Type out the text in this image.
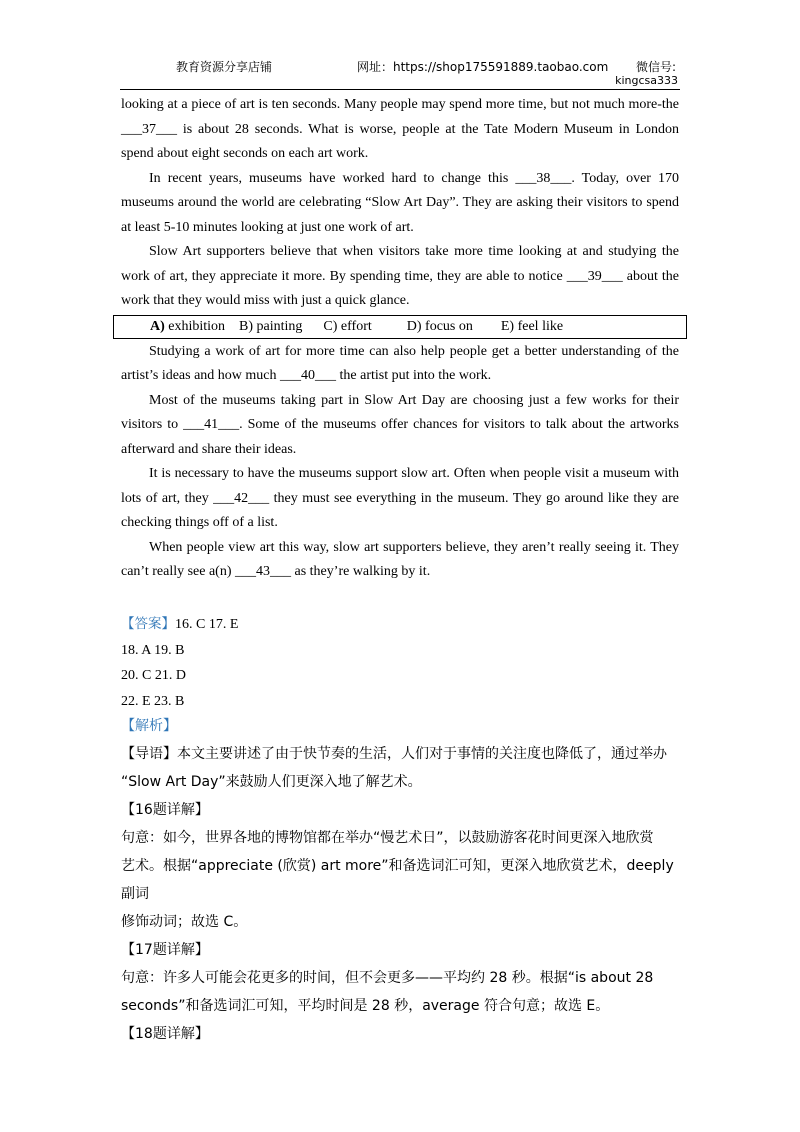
教育资源分享店铺	网址：https://shop175591889.taobao.com 微信号:
kingcsa333

looking at a piece of art is ten seconds. Many people may spend more time, but not much more-the ___37___ is about 28 seconds. What is worse, people at the Tate Modern Museum in London spend about eight seconds on each art work.

In recent years, museums have worked hard to change this ___38___. Today, over 170 museums around the world are celebrating “Slow Art Day”. They are asking their visitors to spend at least 5-10 minutes looking at just one work of art.

Slow Art supporters believe that when visitors take more time looking at and studying the work of art, they appreciate it more. By spending time, they are able to notice ___39___ about the work that they would miss with just a quick glance.

A) exhibition    B) painting      C) effort          D) focus on        E) feel like

Studying a work of art for more time can also help people get a better understanding of the artist’s ideas and how much ___40___ the artist put into the work.

Most of the museums taking part in Slow Art Day are choosing just a few works for their visitors to ___41___. Some of the museums offer chances for visitors to talk about the artworks afterward and share their ideas.

It is necessary to have the museums support slow art. Often when people visit a museum with lots of art, they ___42___ they must see everything in the museum. They go around like they are checking things off of a list.

When people view art this way, slow art supporters believe, they aren’t really seeing it. They can’t really see a(n) ___43___ as they’re walking by it.

【答案】16. C 17. E

18. A 19. B

20. C 21. D

22. E 23. B

【解析】

【导语】本文主要讲述了由于快节奏的生活，人们对于事情的关注度也降低了，通过举办

“Slow Art Day”来鼓励人们更深入地了解艺术。

【16题详解】

句意：如今，世界各地的博物馆都在举办“慢艺术日”，以鼓励游客花时间更深入地欣赏

艺术。根据“appreciate (欣赏) art more”和备选词汇可知，更深入地欣赏艺术，deeply 副词

修饰动词；故选 C。

【17题详解】

句意：许多人可能会花更多的时间，但不会更多——平均约 28 秒。根据“is about 28

seconds”和备选词汇可知，平均时间是 28 秒，average 符合句意；故选 E。

【18题详解】
